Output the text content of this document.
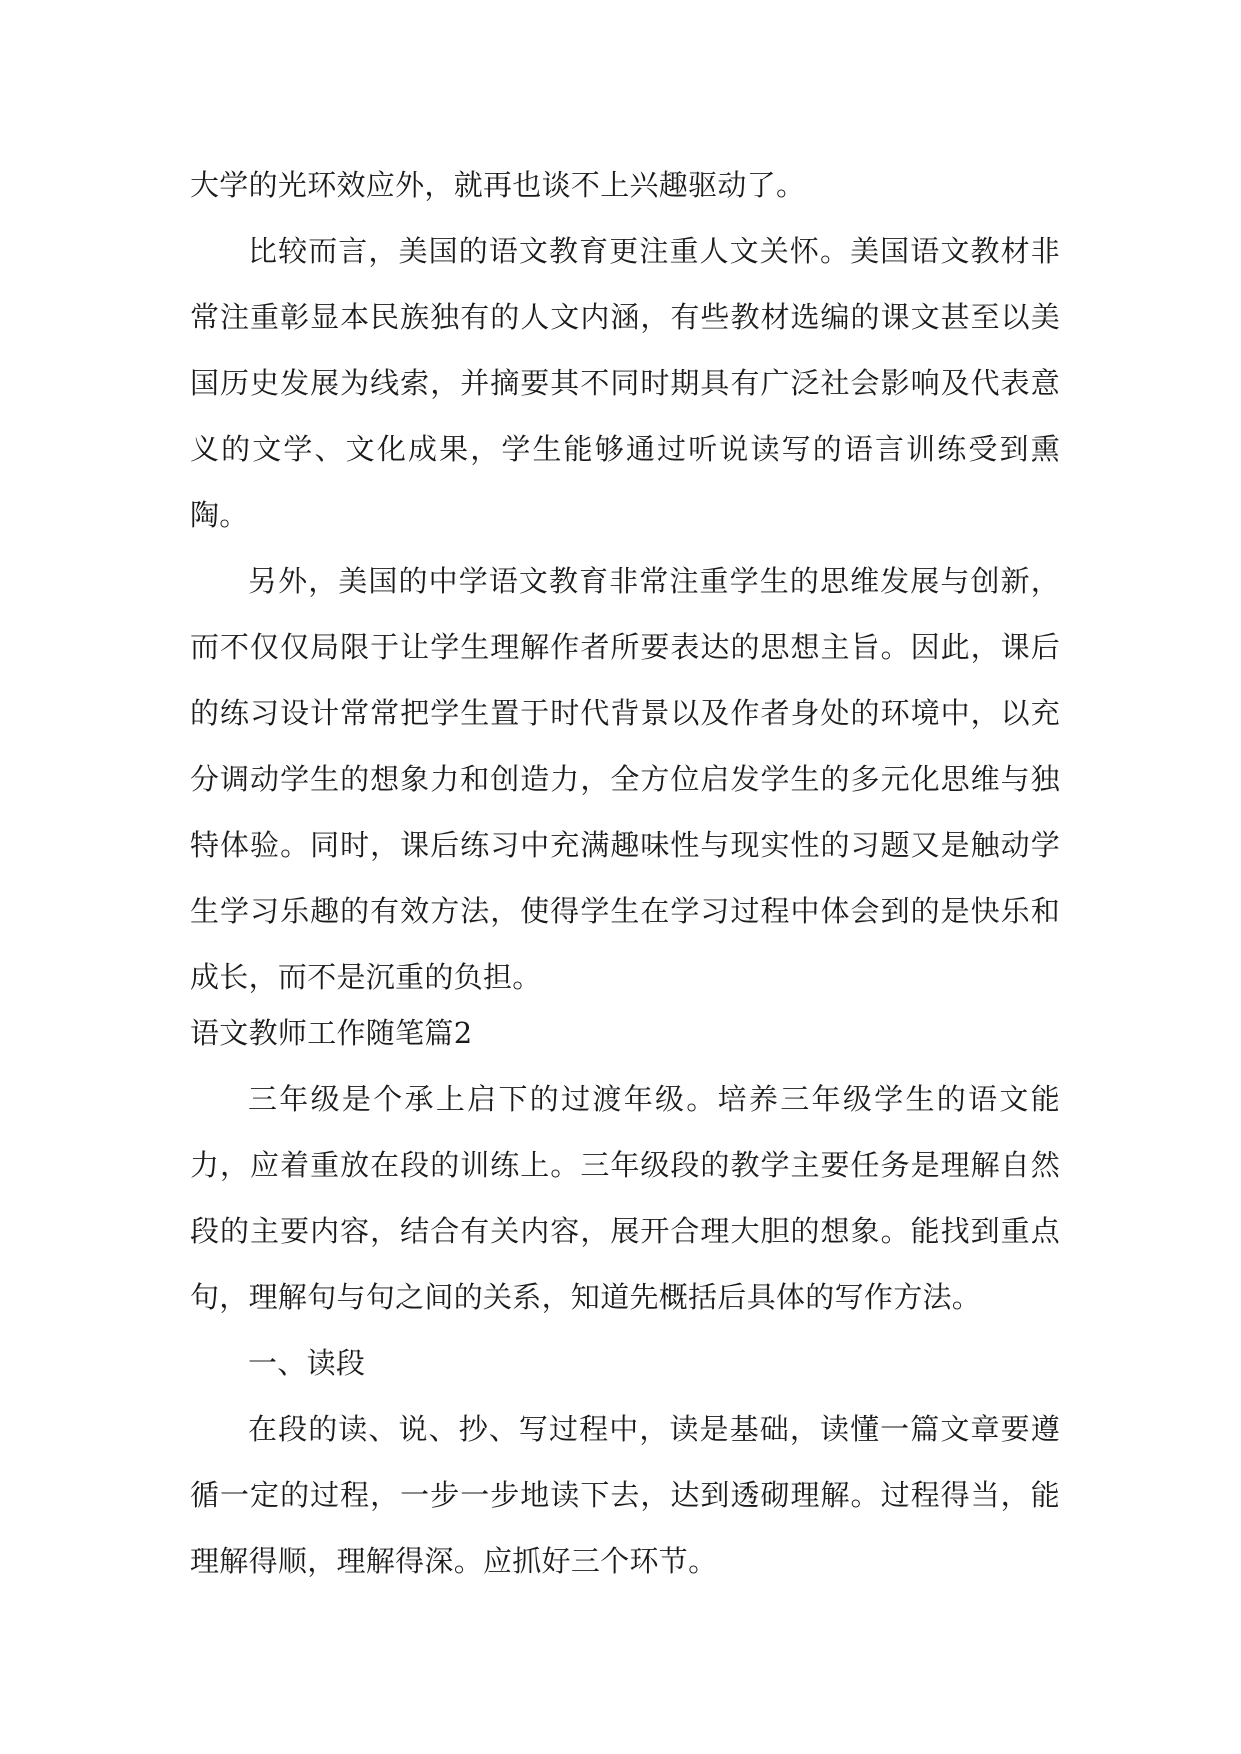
大学的光环效应外，就再也谈不上兴趣驱动了。

比较而言，美国的语文教育更注重人文关怀。美国语文教材非常注重彰显本民族独有的人文内涵，有些教材选编的课文甚至以美国历史发展为线索，并摘要其不同时期具有广泛社会影响及代表意义的文学、文化成果，学生能够通过听说读写的语言训练受到熏陶。

另外，美国的中学语文教育非常注重学生的思维发展与创新，而不仅仅局限于让学生理解作者所要表达的思想主旨。因此，课后的练习设计常常把学生置于时代背景以及作者身处的环境中，以充分调动学生的想象力和创造力，全方位启发学生的多元化思维与独特体验。同时，课后练习中充满趣味性与现实性的习题又是触动学生学习乐趣的有效方法，使得学生在学习过程中体会到的是快乐和成长，而不是沉重的负担。

语文教师工作随笔篇2

三年级是个承上启下的过渡年级。培养三年级学生的语文能力，应着重放在段的训练上。三年级段的教学主要任务是理解自然段的主要内容，结合有关内容，展开合理大胆的想象。能找到重点句，理解句与句之间的关系，知道先概括后具体的写作方法。

一、读段

在段的读、说、抄、写过程中，读是基础，读懂一篇文章要遵循一定的过程，一步一步地读下去，达到透砌理解。过程得当，能理解得顺，理解得深。应抓好三个环节。
